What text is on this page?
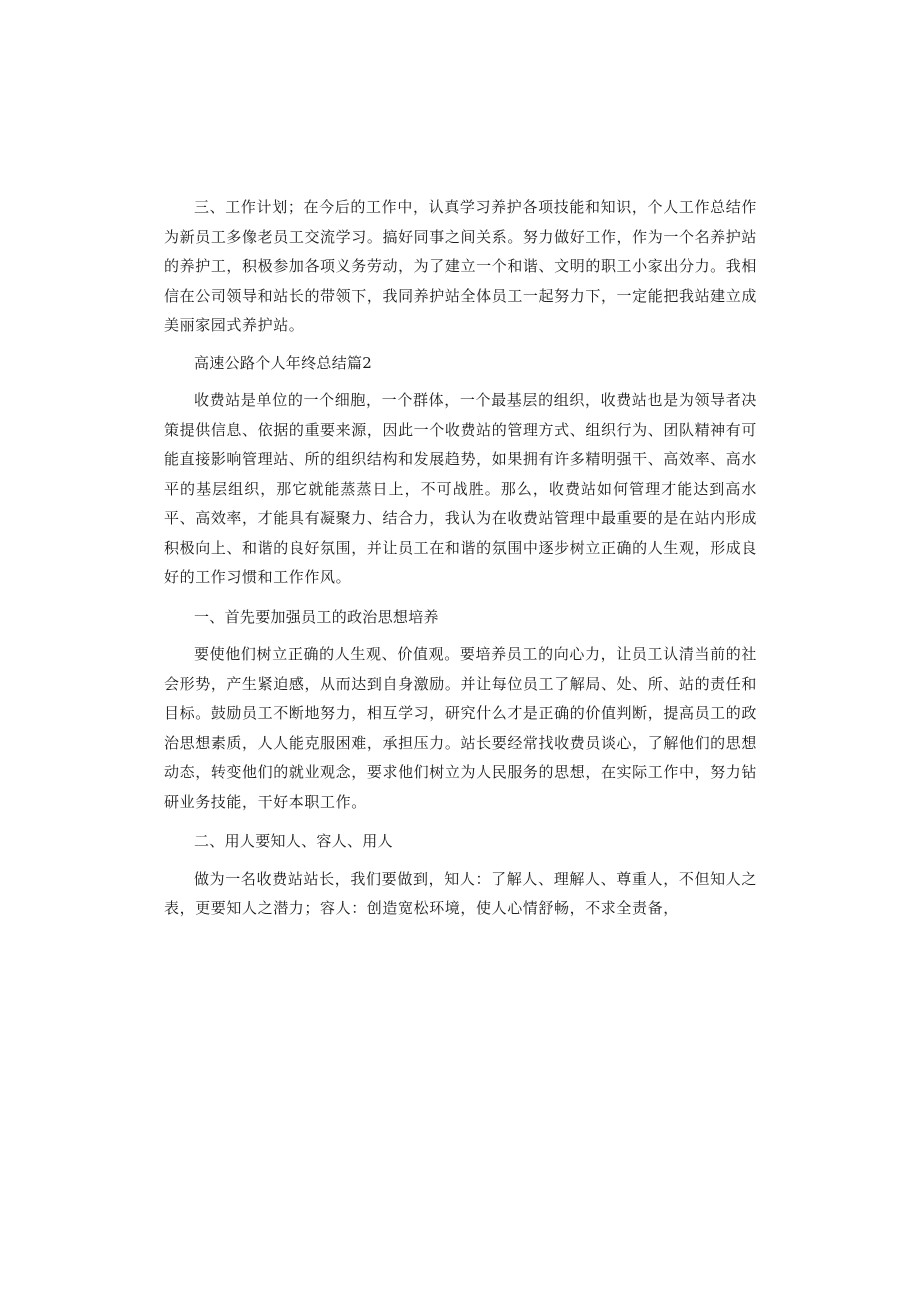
三、工作计划；在今后的工作中，认真学习养护各项技能和知识，个人工作总结作为新员工多像老员工交流学习。搞好同事之间关系。努力做好工作，作为一个名养护站的养护工，积极参加各项义务劳动，为了建立一个和谐、文明的职工小家出分力。我相信在公司领导和站长的带领下，我同养护站全体员工一起努力下，一定能把我站建立成美丽家园式养护站。

高速公路个人年终总结篇2

收费站是单位的一个细胞，一个群体，一个最基层的组织，收费站也是为领导者决策提供信息、依据的重要来源，因此一个收费站的管理方式、组织行为、团队精神有可能直接影响管理站、所的组织结构和发展趋势，如果拥有许多精明强干、高效率、高水平的基层组织，那它就能蒸蒸日上，不可战胜。那么，收费站如何管理才能达到高水平、高效率，才能具有凝聚力、结合力，我认为在收费站管理中最重要的是在站内形成积极向上、和谐的良好氛围，并让员工在和谐的氛围中逐步树立正确的人生观，形成良好的工作习惯和工作作风。

一、首先要加强员工的政治思想培养

要使他们树立正确的人生观、价值观。要培养员工的向心力，让员工认清当前的社会形势，产生紧迫感，从而达到自身激励。并让每位员工了解局、处、所、站的责任和目标。鼓励员工不断地努力，相互学习，研究什么才是正确的价值判断，提高员工的政治思想素质，人人能克服困难，承担压力。站长要经常找收费员谈心，了解他们的思想动态，转变他们的就业观念，要求他们树立为人民服务的思想，在实际工作中，努力钻研业务技能，干好本职工作。

二、用人要知人、容人、用人

做为一名收费站站长，我们要做到，知人：了解人、理解人、尊重人，不但知人之表，更要知人之潜力；容人：创造宽松环境，使人心情舒畅，不求全责备，
